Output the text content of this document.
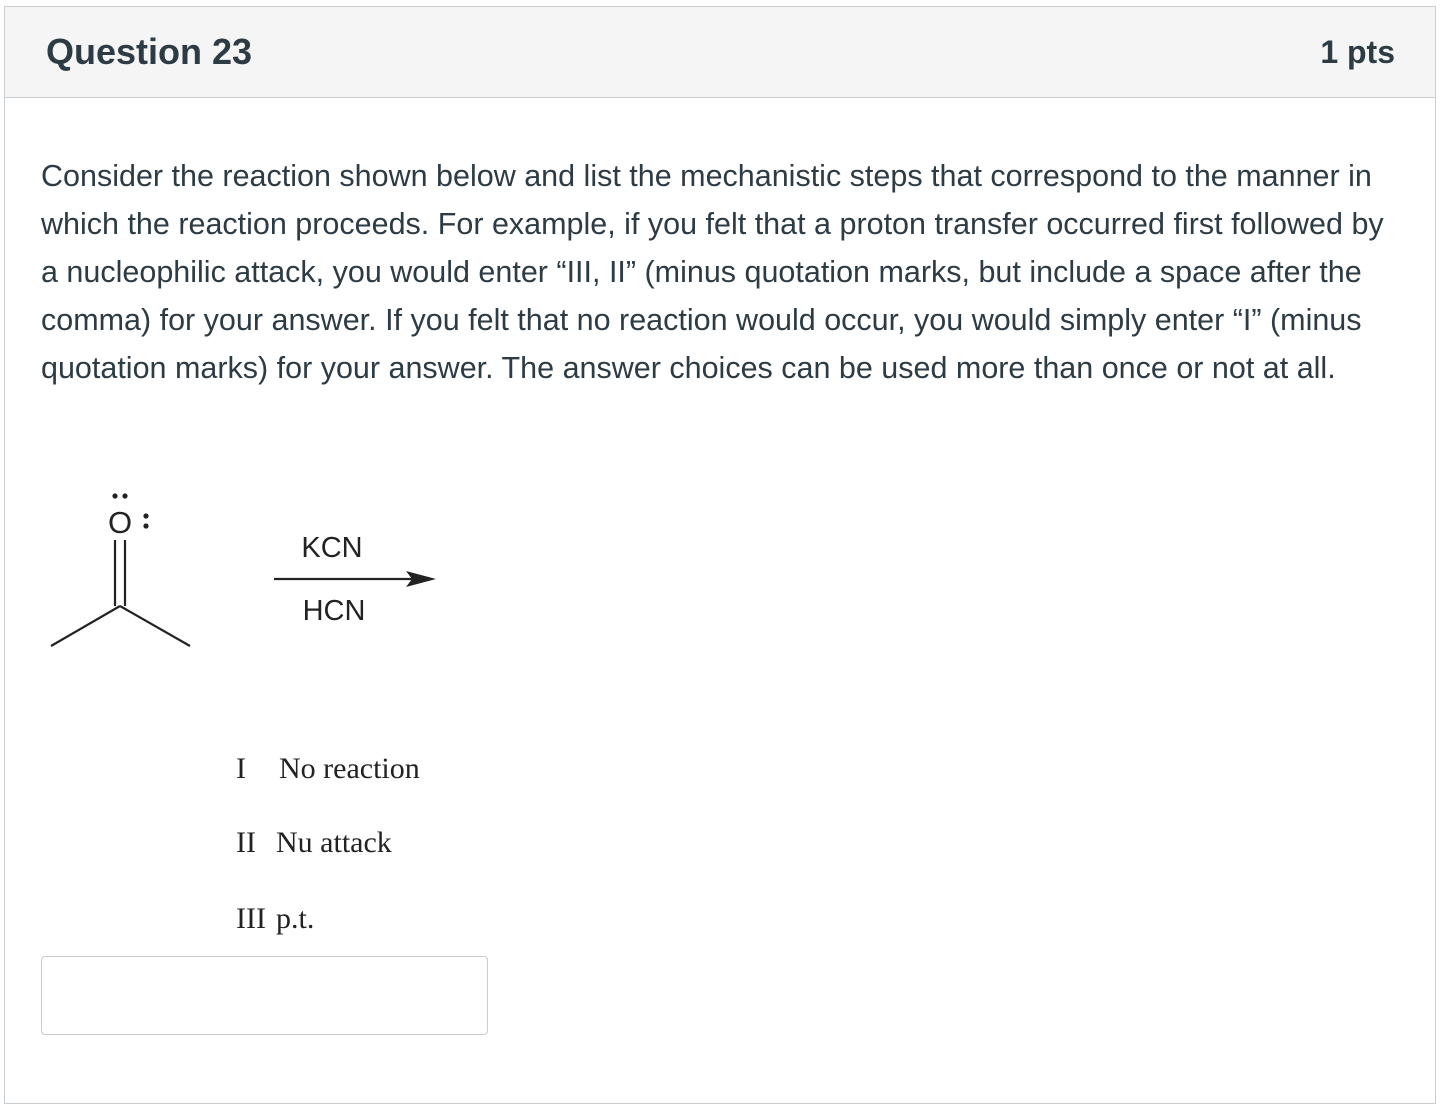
Question 23	1 pts
Consider the reaction shown below and list the mechanistic steps that correspond to the manner in which the reaction proceeds. For example, if you felt that a proton transfer occurred first followed by a nucleophilic attack, you would enter “III, II” (minus quotation marks, but include a space after the comma) for your answer. If you felt that no reaction would occur, you would simply enter “I” (minus quotation marks) for your answer. The answer choices can be used more than once or not at all.
O
KCN
HCN

I No reaction

II Nu attack

III p.t.
